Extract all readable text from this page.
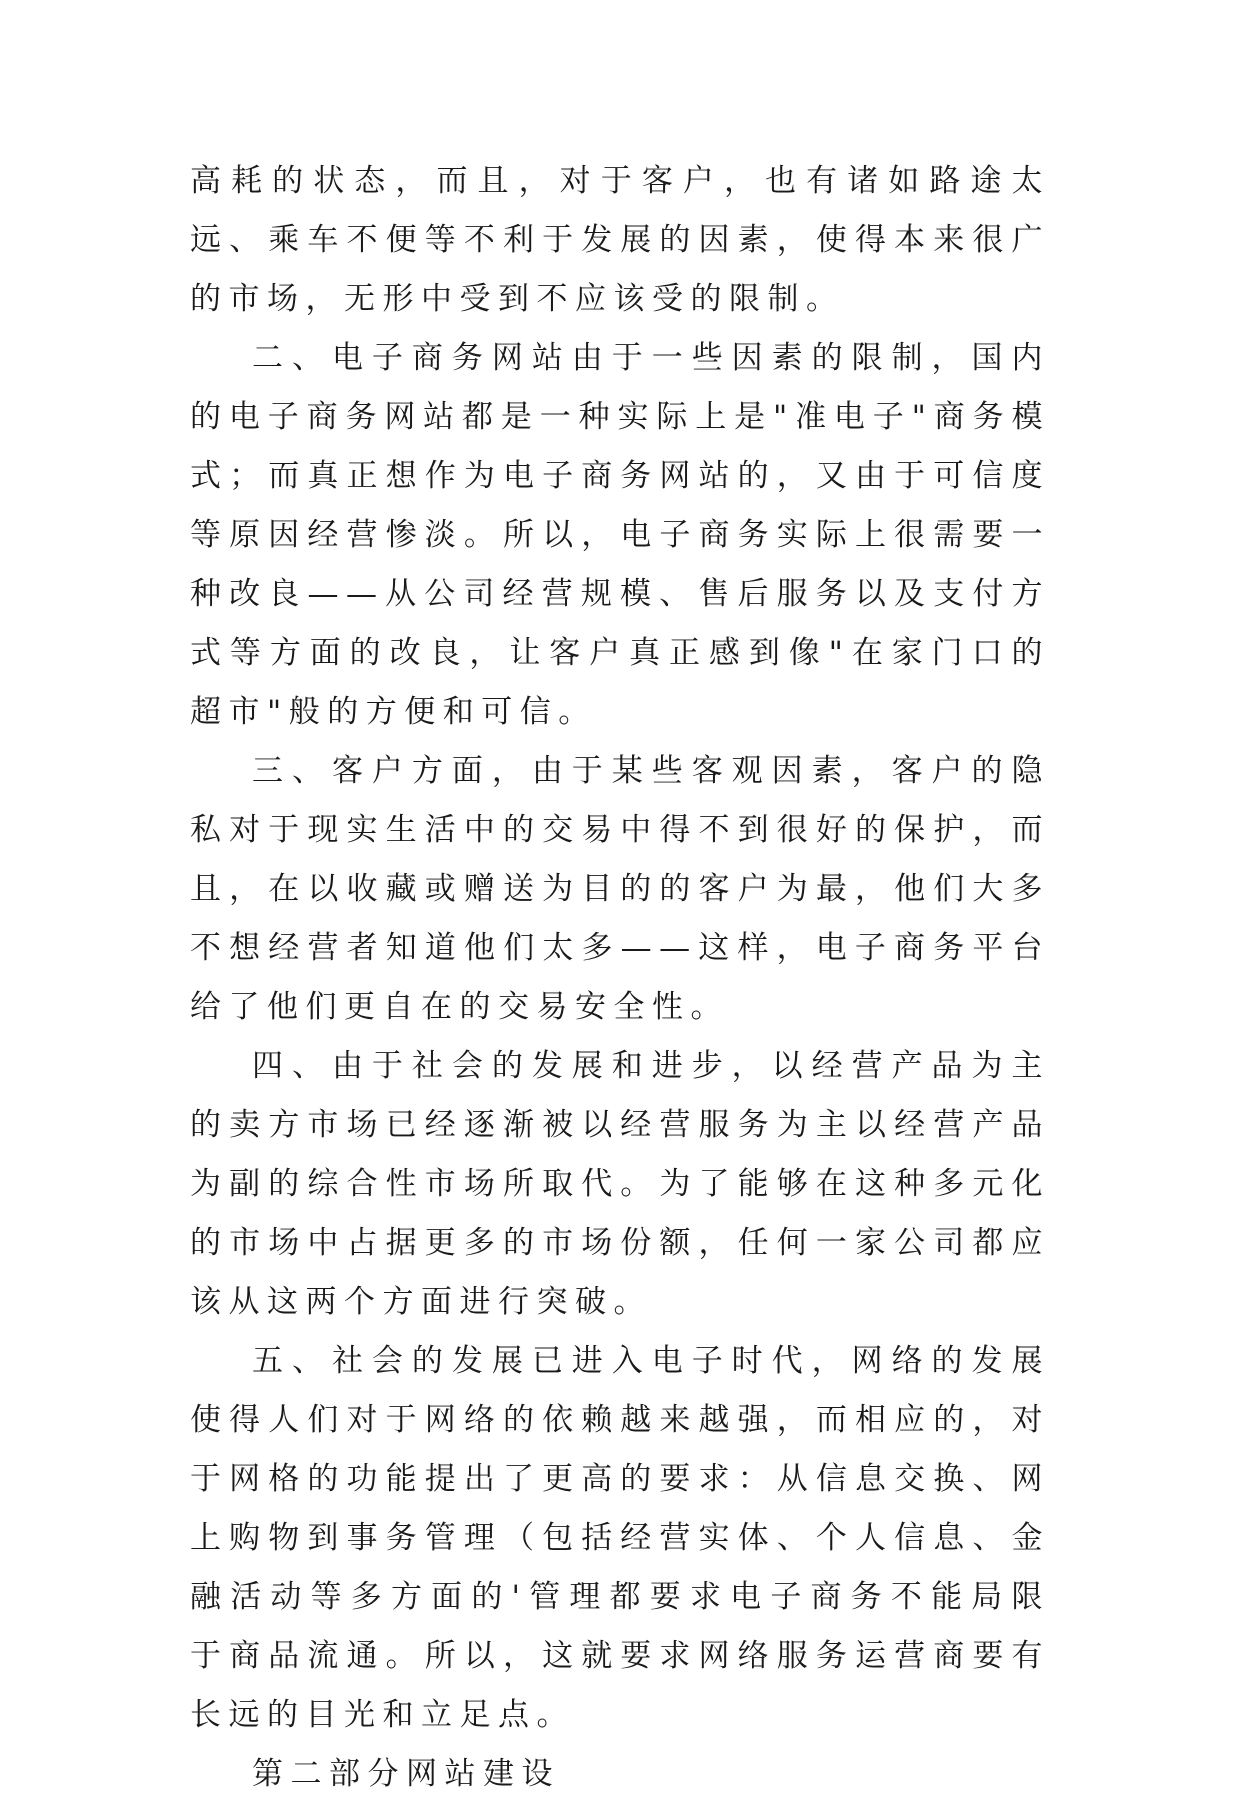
高耗的状态，而且，对于客户，也有诸如路途太远、乘车不便等不利于发展的因素，使得本来很广的市场，无形中受到不应该受的限制。

二、电子商务网站由于一些因素的限制，国内的电子商务网站都是一种实际上是"准电子"商务模式；而真正想作为电子商务网站的，又由于可信度等原因经营惨淡。所以，电子商务实际上很需要一种改良——从公司经营规模、售后服务以及支付方式等方面的改良，让客户真正感到像"在家门口的超市"般的方便和可信。

三、客户方面，由于某些客观因素，客户的隐私对于现实生活中的交易中得不到很好的保护，而且，在以收藏或赠送为目的的客户为最，他们大多不想经营者知道他们太多——这样，电子商务平台给了他们更自在的交易安全性。

四、由于社会的发展和进步，以经营产品为主的卖方市场已经逐渐被以经营服务为主以经营产品为副的综合性市场所取代。为了能够在这种多元化的市场中占据更多的市场份额，任何一家公司都应该从这两个方面进行突破。

五、社会的发展已进入电子时代，网络的发展使得人们对于网络的依赖越来越强，而相应的，对于网格的功能提出了更高的要求：从信息交换、网上购物到事务管理（包括经营实体、个人信息、金融活动等多方面的'管理都要求电子商务不能局限于商品流通。所以，这就要求网络服务运营商要有长远的目光和立足点。

第二部分网站建设
